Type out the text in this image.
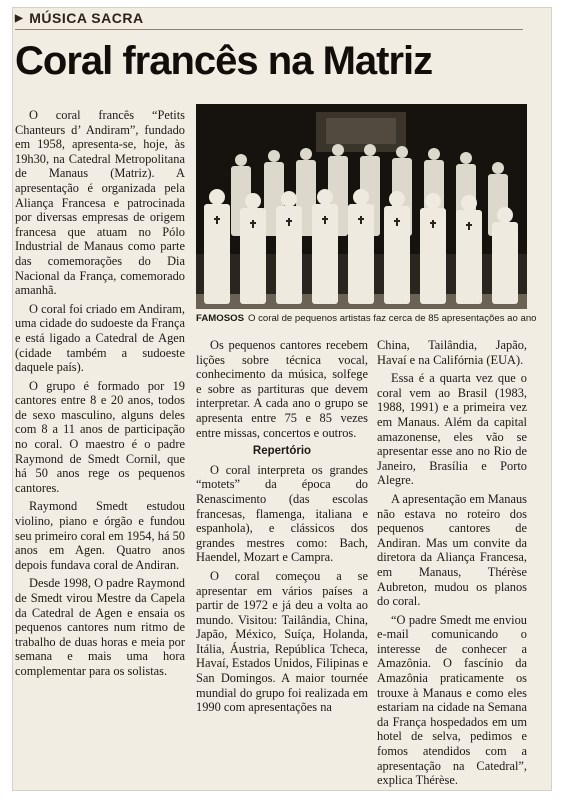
▶ MÚSICA SACRA
Coral francês na Matriz

O coral francês “Petits Chanteurs d’ Andiram”, fundado em 1958, apresenta-se, hoje, às 19h30, na Catedral Metropolitana de Manaus (Matriz). A apresentação é organizada pela Aliança Francesa e patrocinada por diversas empresas de origem francesa que atuam no Pólo Industrial de Manaus como parte das comemorações do Dia Nacional da França, comemorado amanhã.

O coral foi criado em Andiram, uma cidade do sudoeste da França e está ligado a Catedral de Agen (cidade também a sudoeste daquele país).

O grupo é formado por 19 cantores entre 8 e 20 anos, todos de sexo masculino, alguns deles com 8 a 11 anos de participação no coral. O maestro é o padre Raymond de Smedt Cornil, que há 50 anos rege os pequenos cantores.

Raymond Smedt estudou violino, piano e órgão e fundou seu primeiro coral em 1954, há 50 anos em Agen. Quatro anos depois fundava coral de Andiran.

Desde 1998, O padre Raymond de Smedt virou Mestre da Capela da Catedral de Agen e ensaia os pequenos cantores num ritmo de trabalho de duas horas e meia por semana e mais uma hora complementar para os solistas.

FAMOSOS O coral de pequenos artistas faz cerca de 85 apresentações ao ano

Os pequenos cantores recebem lições sobre técnica vocal, conhecimento da música, solfege e sobre as partituras que devem interpretar. A cada ano o grupo se apresenta entre 75 e 85 vezes entre missas, concertos e outros.

Repertório

O coral interpreta os grandes “motets” da época do Renascimento (das escolas francesas, flamenga, italiana e espanhola), e clássicos dos grandes mestres como: Bach, Haendel, Mozart e Campra.

O coral começou a se apresentar em vários países a partir de 1972 e já deu a volta ao mundo. Visitou: Tailândia, China, Japão, México, Suíça, Holanda, Itália, Áustria, República Tcheca, Havaí, Estados Unidos, Filipinas e San Domingos. A maior tournée mundial do grupo foi realizada em 1990 com apresentações na

China, Tailândia, Japão, Havaí e na Califórnia (EUA).

Essa é a quarta vez que o coral vem ao Brasil (1983, 1988, 1991) e a primeira vez em Manaus. Além da capital amazonense, eles vão se apresentar esse ano no Rio de Janeiro, Brasília e Porto Alegre.

A apresentação em Manaus não estava no roteiro dos pequenos cantores de Andiran. Mas um convite da diretora da Aliança Francesa, em Manaus, Thérèse Aubreton, mudou os planos do coral.

“O padre Smedt me enviou e-mail comunicando o interesse de conhecer a Amazônia. O fascínio da Amazônia praticamente os trouxe à Manaus e como eles estariam na cidade na Semana da França hospedados em um hotel de selva, pedimos e fomos atendidos com a apresentação na Catedral”, explica Thérèse.
